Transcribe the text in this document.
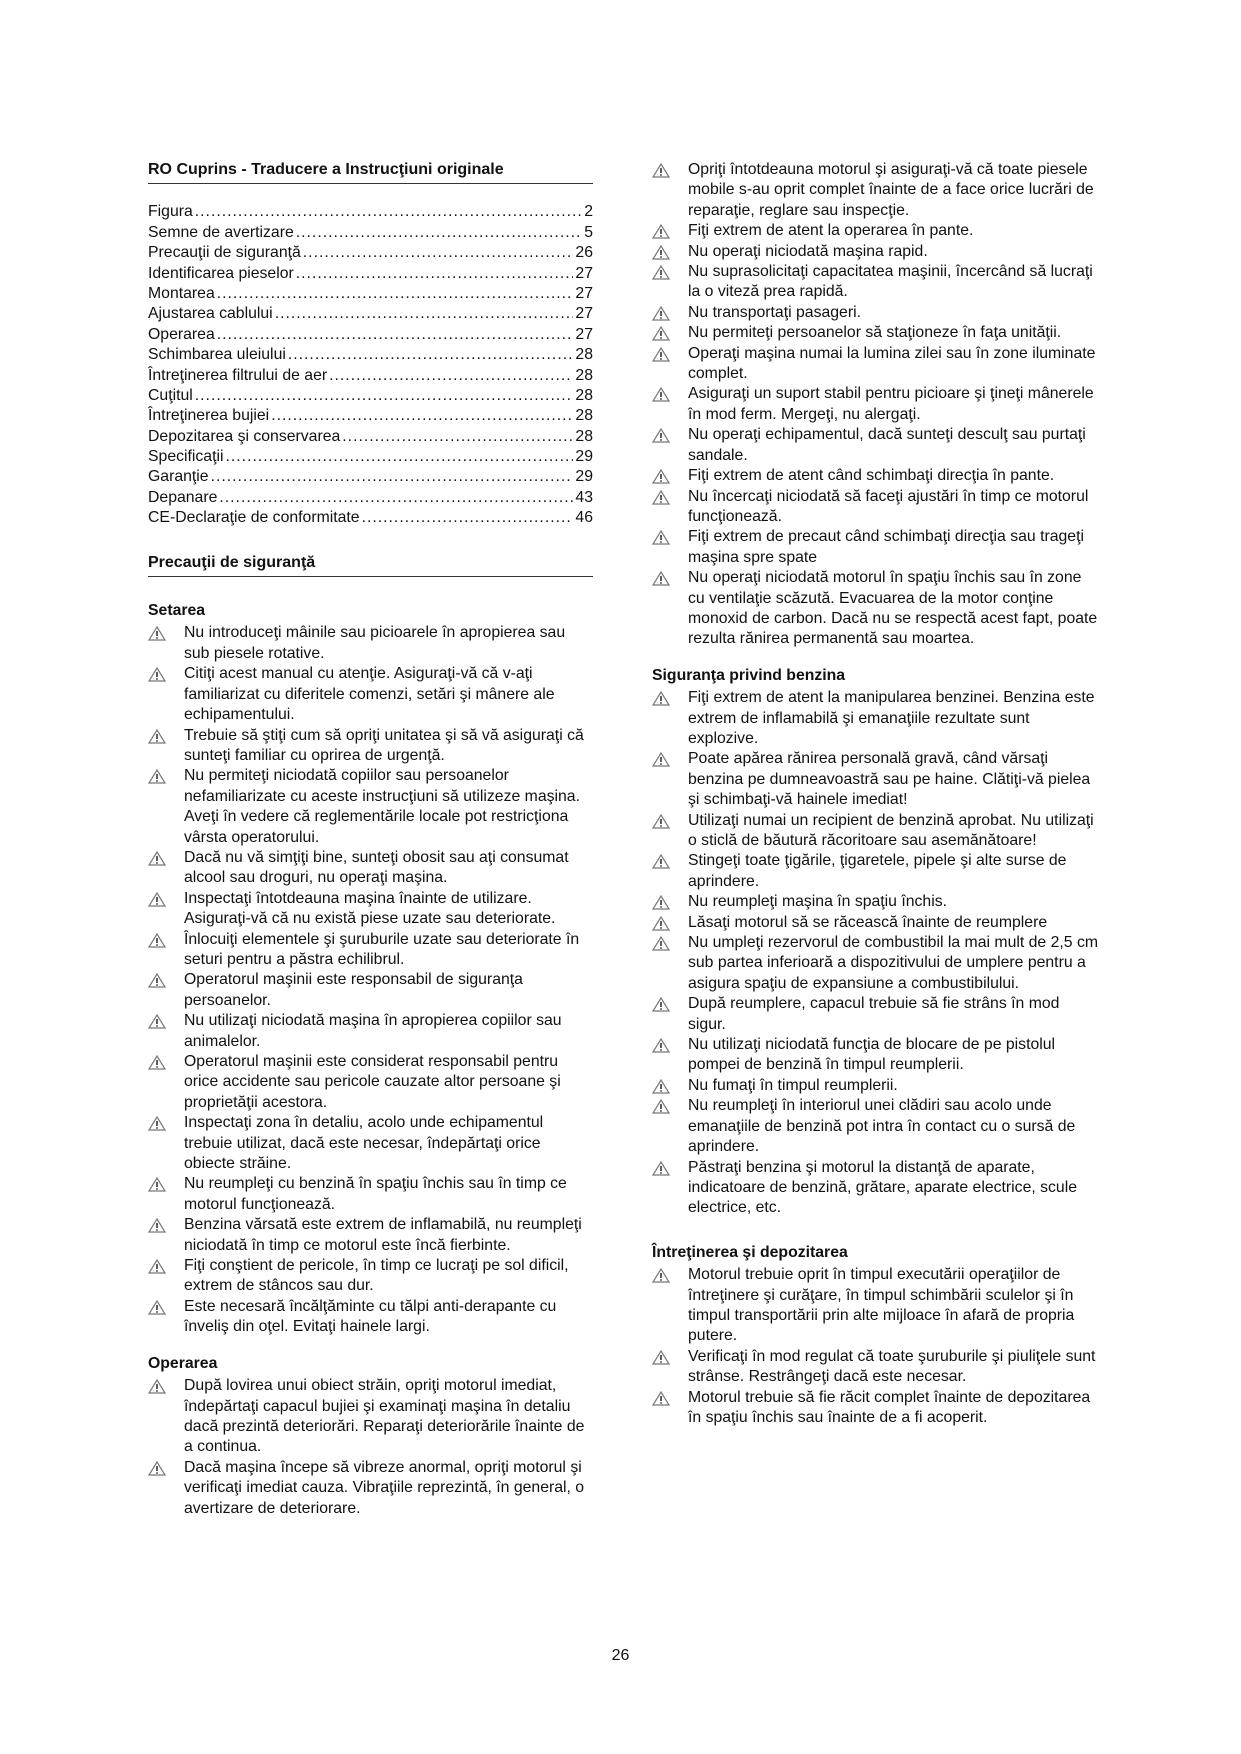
RO Cuprins - Traducere a Instrucţiuni originale
Figura .....	2
Semne de avertizare .....	5
Precauţii de siguranţă .....	26
Identificarea pieselor .....	27
Montarea .....	27
Ajustarea cablului .....	27
Operarea .....	27
Schimbarea uleiului .....	28
Întreţinerea filtrului de aer .....	28
Cuţitul .....	28
Întreţinerea bujiei .....	28
Depozitarea şi conservarea .....	28
Specificaţii .....	29
Garanţie .....	29
Depanare .....	43
CE-Declaraţie de conformitate .....	46
Precauţii de siguranţă
Setarea
Nu introduceţi mâinile sau picioarele în apropierea sau sub piesele rotative.
Citiţi acest manual cu atenţie. Asiguraţi-vă că v-aţi familiarizat cu diferitele comenzi, setări şi mânere ale echipamentului.
Trebuie să ştiţi cum să opriţi unitatea şi să vă asiguraţi că sunteţi familiar cu oprirea de urgenţă.
Nu permiteţi niciodată copiilor sau persoanelor nefamiliarizate cu aceste instrucţiuni să utilizeze maşina. Aveţi în vedere că reglementările locale pot restricţiona vârsta operatorului.
Dacă nu vă simţiţi bine, sunteţi obosit sau aţi consumat alcool sau droguri, nu operaţi maşina.
Inspectaţi întotdeauna maşina înainte de utilizare. Asiguraţi-vă că nu există piese uzate sau deteriorate.
Înlocuiţi elementele şi şuruburile uzate sau deteriorate în seturi pentru a păstra echilibrul.
Operatorul maşinii este responsabil de siguranţa persoanelor.
Nu utilizaţi niciodată maşina în apropierea copiilor sau animalelor.
Operatorul maşinii este considerat responsabil pentru orice accidente sau pericole cauzate altor persoane şi proprietăţii acestora.
Inspectaţi zona în detaliu, acolo unde echipamentul trebuie utilizat, dacă este necesar, îndepărtaţi orice obiecte străine.
Nu reumpleţi cu benzină în spaţiu închis sau în timp ce motorul funcţionează.
Benzina vărsată este extrem de inflamabilă, nu reumpleţi niciodată în timp ce motorul este încă fierbinte.
Fiţi conştient de pericole, în timp ce lucraţi pe sol dificil, extrem de stâncos sau dur.
Este necesară încălţăminte cu tălpi anti-derapante cu înveliş din oţel. Evitaţi hainele largi.
Operarea
După lovirea unui obiect străin, opriţi motorul imediat, îndepărtaţi capacul bujiei şi examinaţi maşina în detaliu dacă prezintă deteriorări. Reparaţi deteriorările înainte de a continua.
Dacă maşina începe să vibreze anormal, opriţi motorul şi verificaţi imediat cauza. Vibraţiile reprezintă, în general, o avertizare de deteriorare.
Opriţi întotdeauna motorul şi asiguraţi-vă că toate piesele mobile s-au oprit complet înainte de a face orice lucrări de reparaţie, reglare sau inspecţie.
Fiţi extrem de atent la operarea în pante.
Nu operaţi niciodată maşina rapid.
Nu suprasolicitaţi capacitatea maşinii, încercând să lucraţi la o viteză prea rapidă.
Nu transportaţi pasageri.
Nu permiteţi persoanelor să staţioneze în faţa unităţii.
Operaţi maşina numai la lumina zilei sau în zone iluminate complet.
Asiguraţi un suport stabil pentru picioare şi ţineţi mânerele în mod ferm. Mergeţi, nu alergaţi.
Nu operaţi echipamentul, dacă sunteţi desculţ sau purtaţi sandale.
Fiţi extrem de atent când schimbaţi direcţia în pante.
Nu încercaţi niciodată să faceţi ajustări în timp ce motorul funcţionează.
Fiţi extrem de precaut când schimbaţi direcţia sau trageţi maşina spre spate
Nu operaţi niciodată motorul în spaţiu închis sau în zone cu ventilaţie scăzută. Evacuarea de la motor conţine monoxid de carbon. Dacă nu se respectă acest fapt, poate rezulta rănirea permanentă sau moartea.
Siguranţa privind benzina
Fiţi extrem de atent la manipularea benzinei. Benzina este extrem de inflamabilă şi emanaţiile rezultate sunt explozive.
Poate apărea rănirea personală gravă, când vărsaţi benzina pe dumneavoastră sau pe haine. Clătiţi-vă pielea şi schimbaţi-vă hainele imediat!
Utilizaţi numai un recipient de benzină aprobat. Nu utilizaţi o sticlă de băutură răcoritoare sau asemănătoare!
Stingeţi toate ţigările, ţigaretele, pipele şi alte surse de aprindere.
Nu reumpleţi maşina în spaţiu închis.
Lăsaţi motorul să se răcească înainte de reumplere
Nu umpleţi rezervorul de combustibil la mai mult de 2,5 cm sub partea inferioară a dispozitivului de umplere pentru a asigura spaţiu de expansiune a combustibilului.
După reumplere, capacul trebuie să fie strâns în mod sigur.
Nu utilizaţi niciodată funcţia de blocare de pe pistolul pompei de benzină în timpul reumplerii.
Nu fumaţi în timpul reumplerii.
Nu reumpleţi în interiorul unei clădiri sau acolo unde emanaţiile de benzină pot intra în contact cu o sursă de aprindere.
Păstraţi benzina şi motorul la distanţă de aparate, indicatoare de benzină, grătare, aparate electrice, scule electrice, etc.
Întreţinerea şi depozitarea
Motorul trebuie oprit în timpul executării operaţiilor de întreţinere şi curăţare, în timpul schimbării sculelor şi în timpul transportării prin alte mijloace în afară de propria putere.
Verificaţi în mod regulat că toate şuruburile şi piuliţele sunt strânse. Restrângeţi dacă este necesar.
Motorul trebuie să fie răcit complet înainte de depozitarea în spaţiu închis sau înainte de a fi acoperit.
26
